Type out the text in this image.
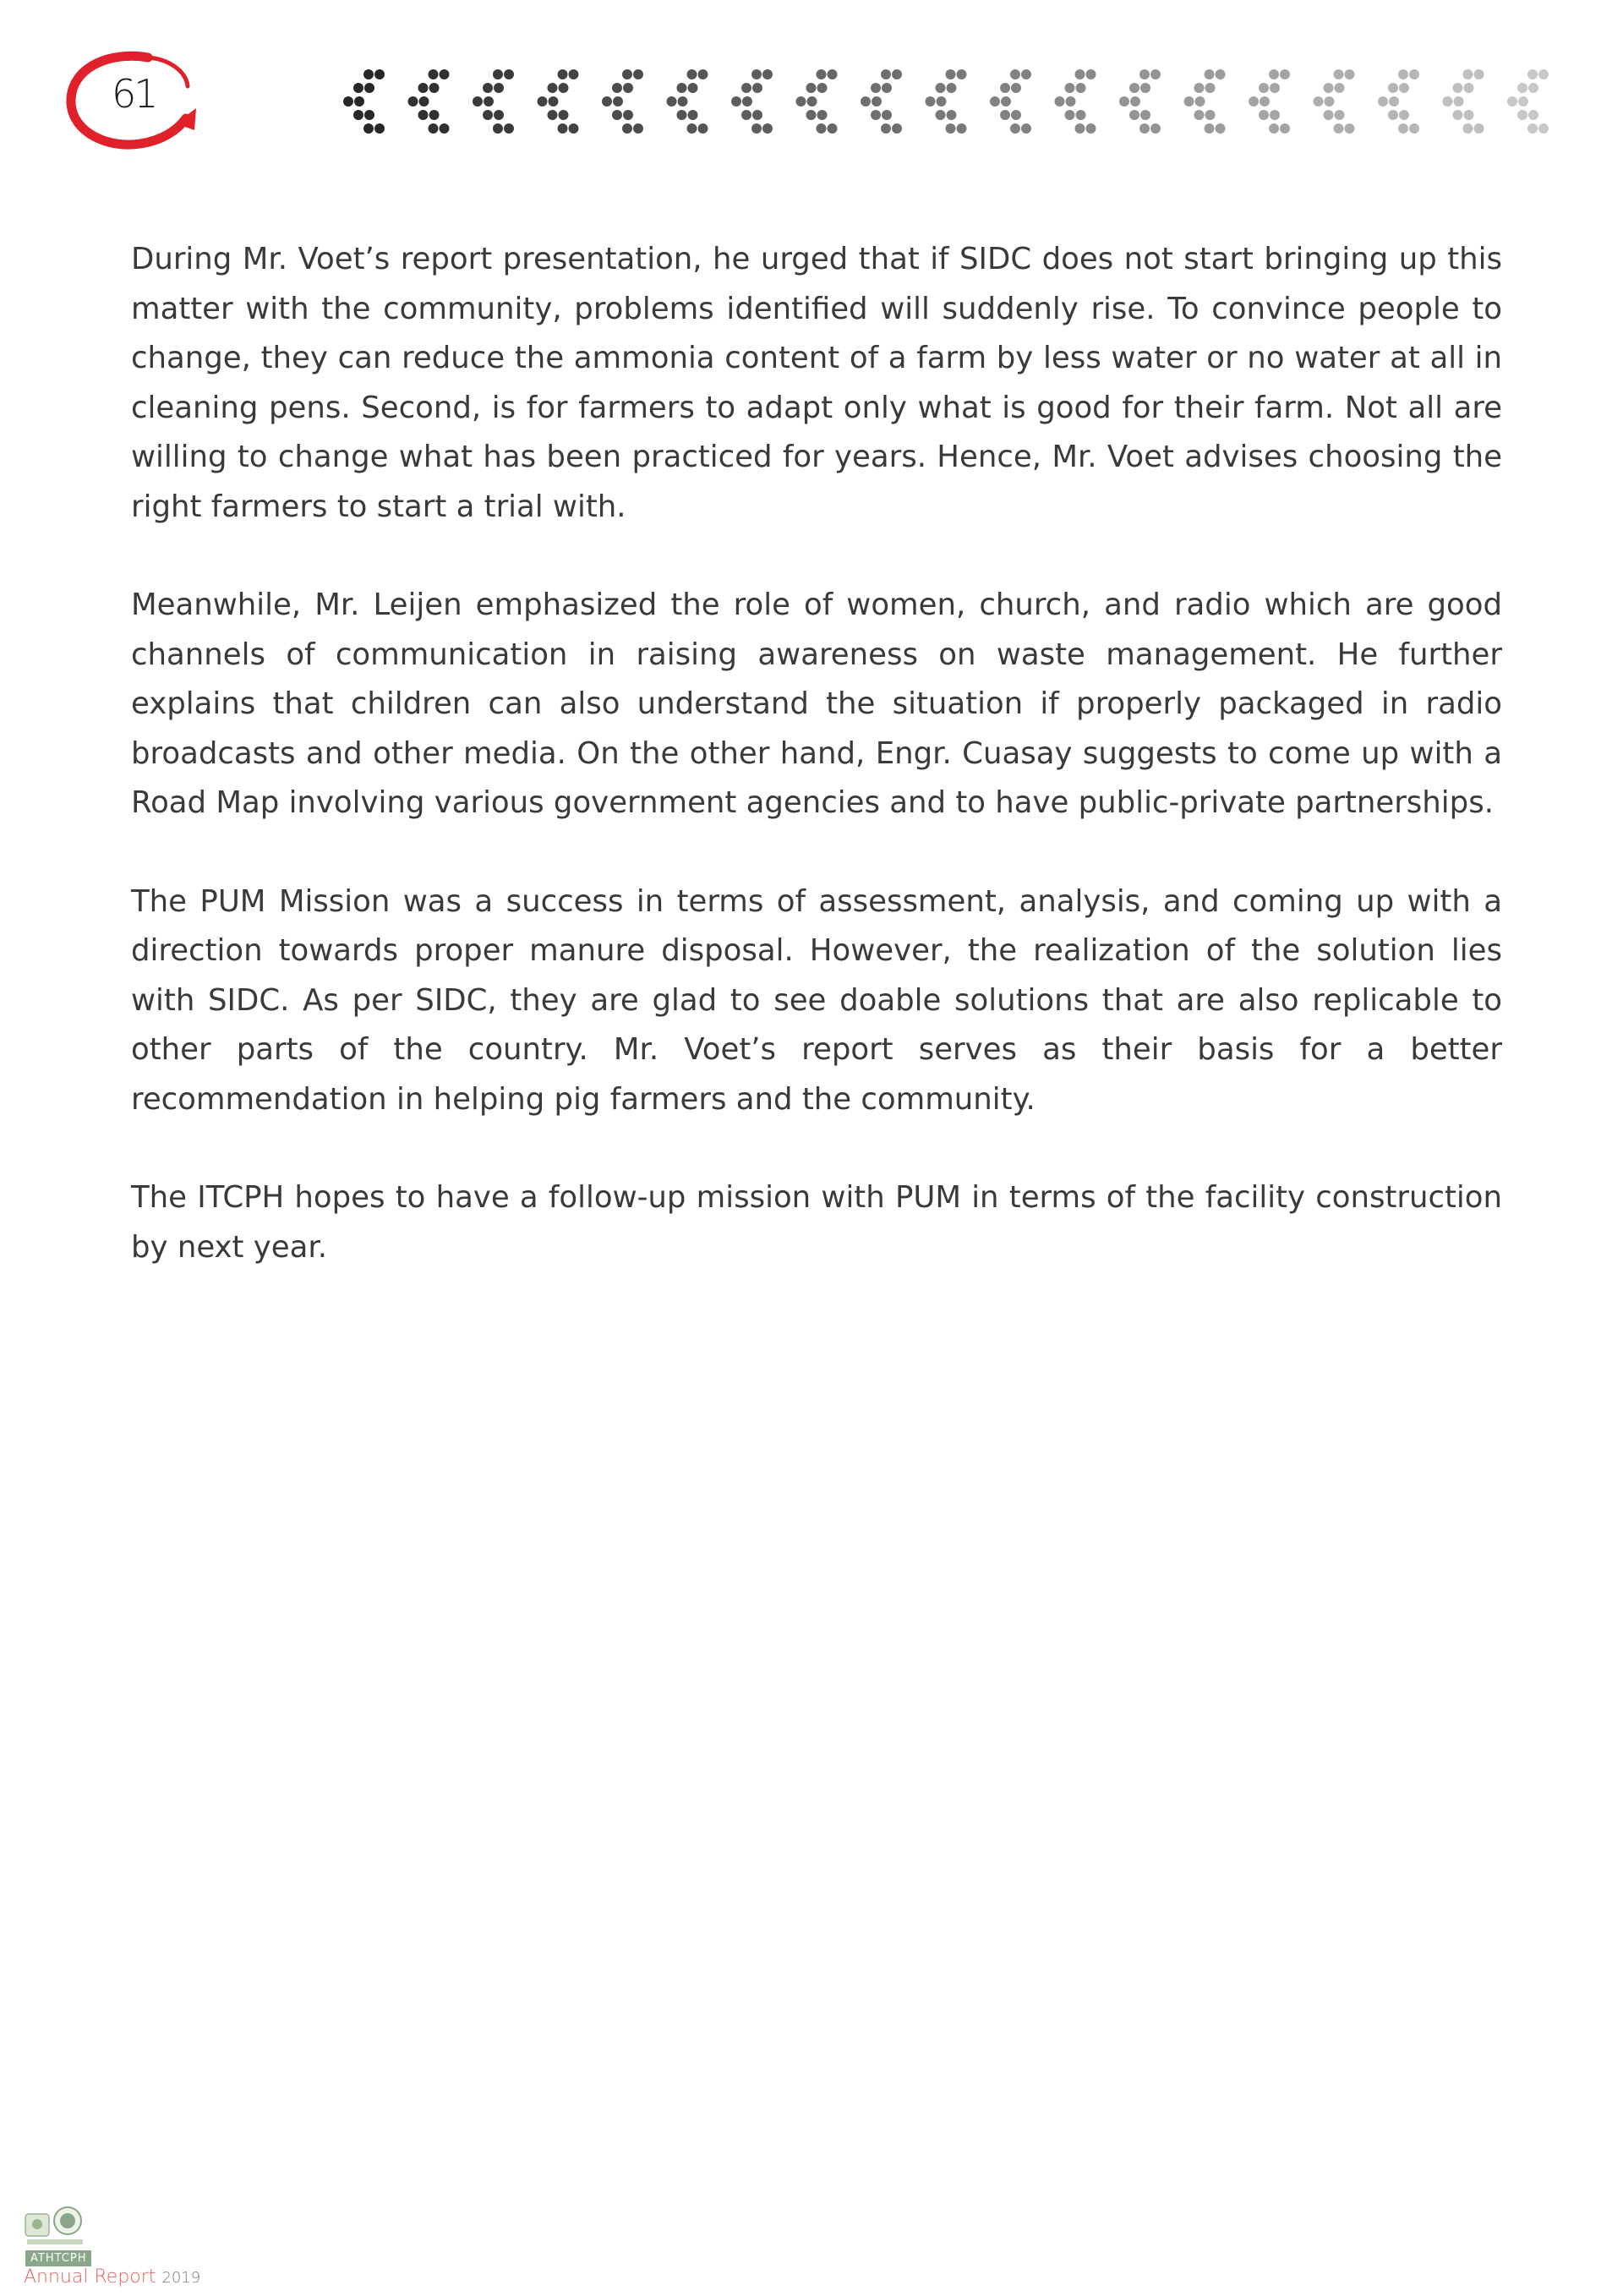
61

During Mr. Voet’s report presentation, he urged that if SIDC does not start bringing up this matter with the community, problems identified will suddenly rise. To convince people to change, they can reduce the ammonia content of a farm by less water or no water at all in cleaning pens. Second, is for farmers to adapt only what is good for their farm. Not all are willing to change what has been practiced for years. Hence, Mr. Voet advises choosing the right farmers to start a trial with.

Meanwhile, Mr. Leijen emphasized the role of women, church, and radio which are good channels of communication in raising awareness on waste management. He further explains that children can also understand the situation if properly packaged in radio broadcasts and other media. On the other hand, Engr. Cuasay suggests to come up with a Road Map involving various government agencies and to have public-private partnerships.

The PUM Mission was a success in terms of assessment, analysis, and coming up with a direction towards proper manure disposal. However, the realization of the solution lies with SIDC. As per SIDC, they are glad to see doable solutions that are also replicable to other parts of the country. Mr. Voet’s report serves as their basis for a better recommendation in helping pig farmers and the community.

The ITCPH hopes to have a follow-up mission with PUM in terms of the facility construction by next year.

ATHTCPH
Annual Report 2019
